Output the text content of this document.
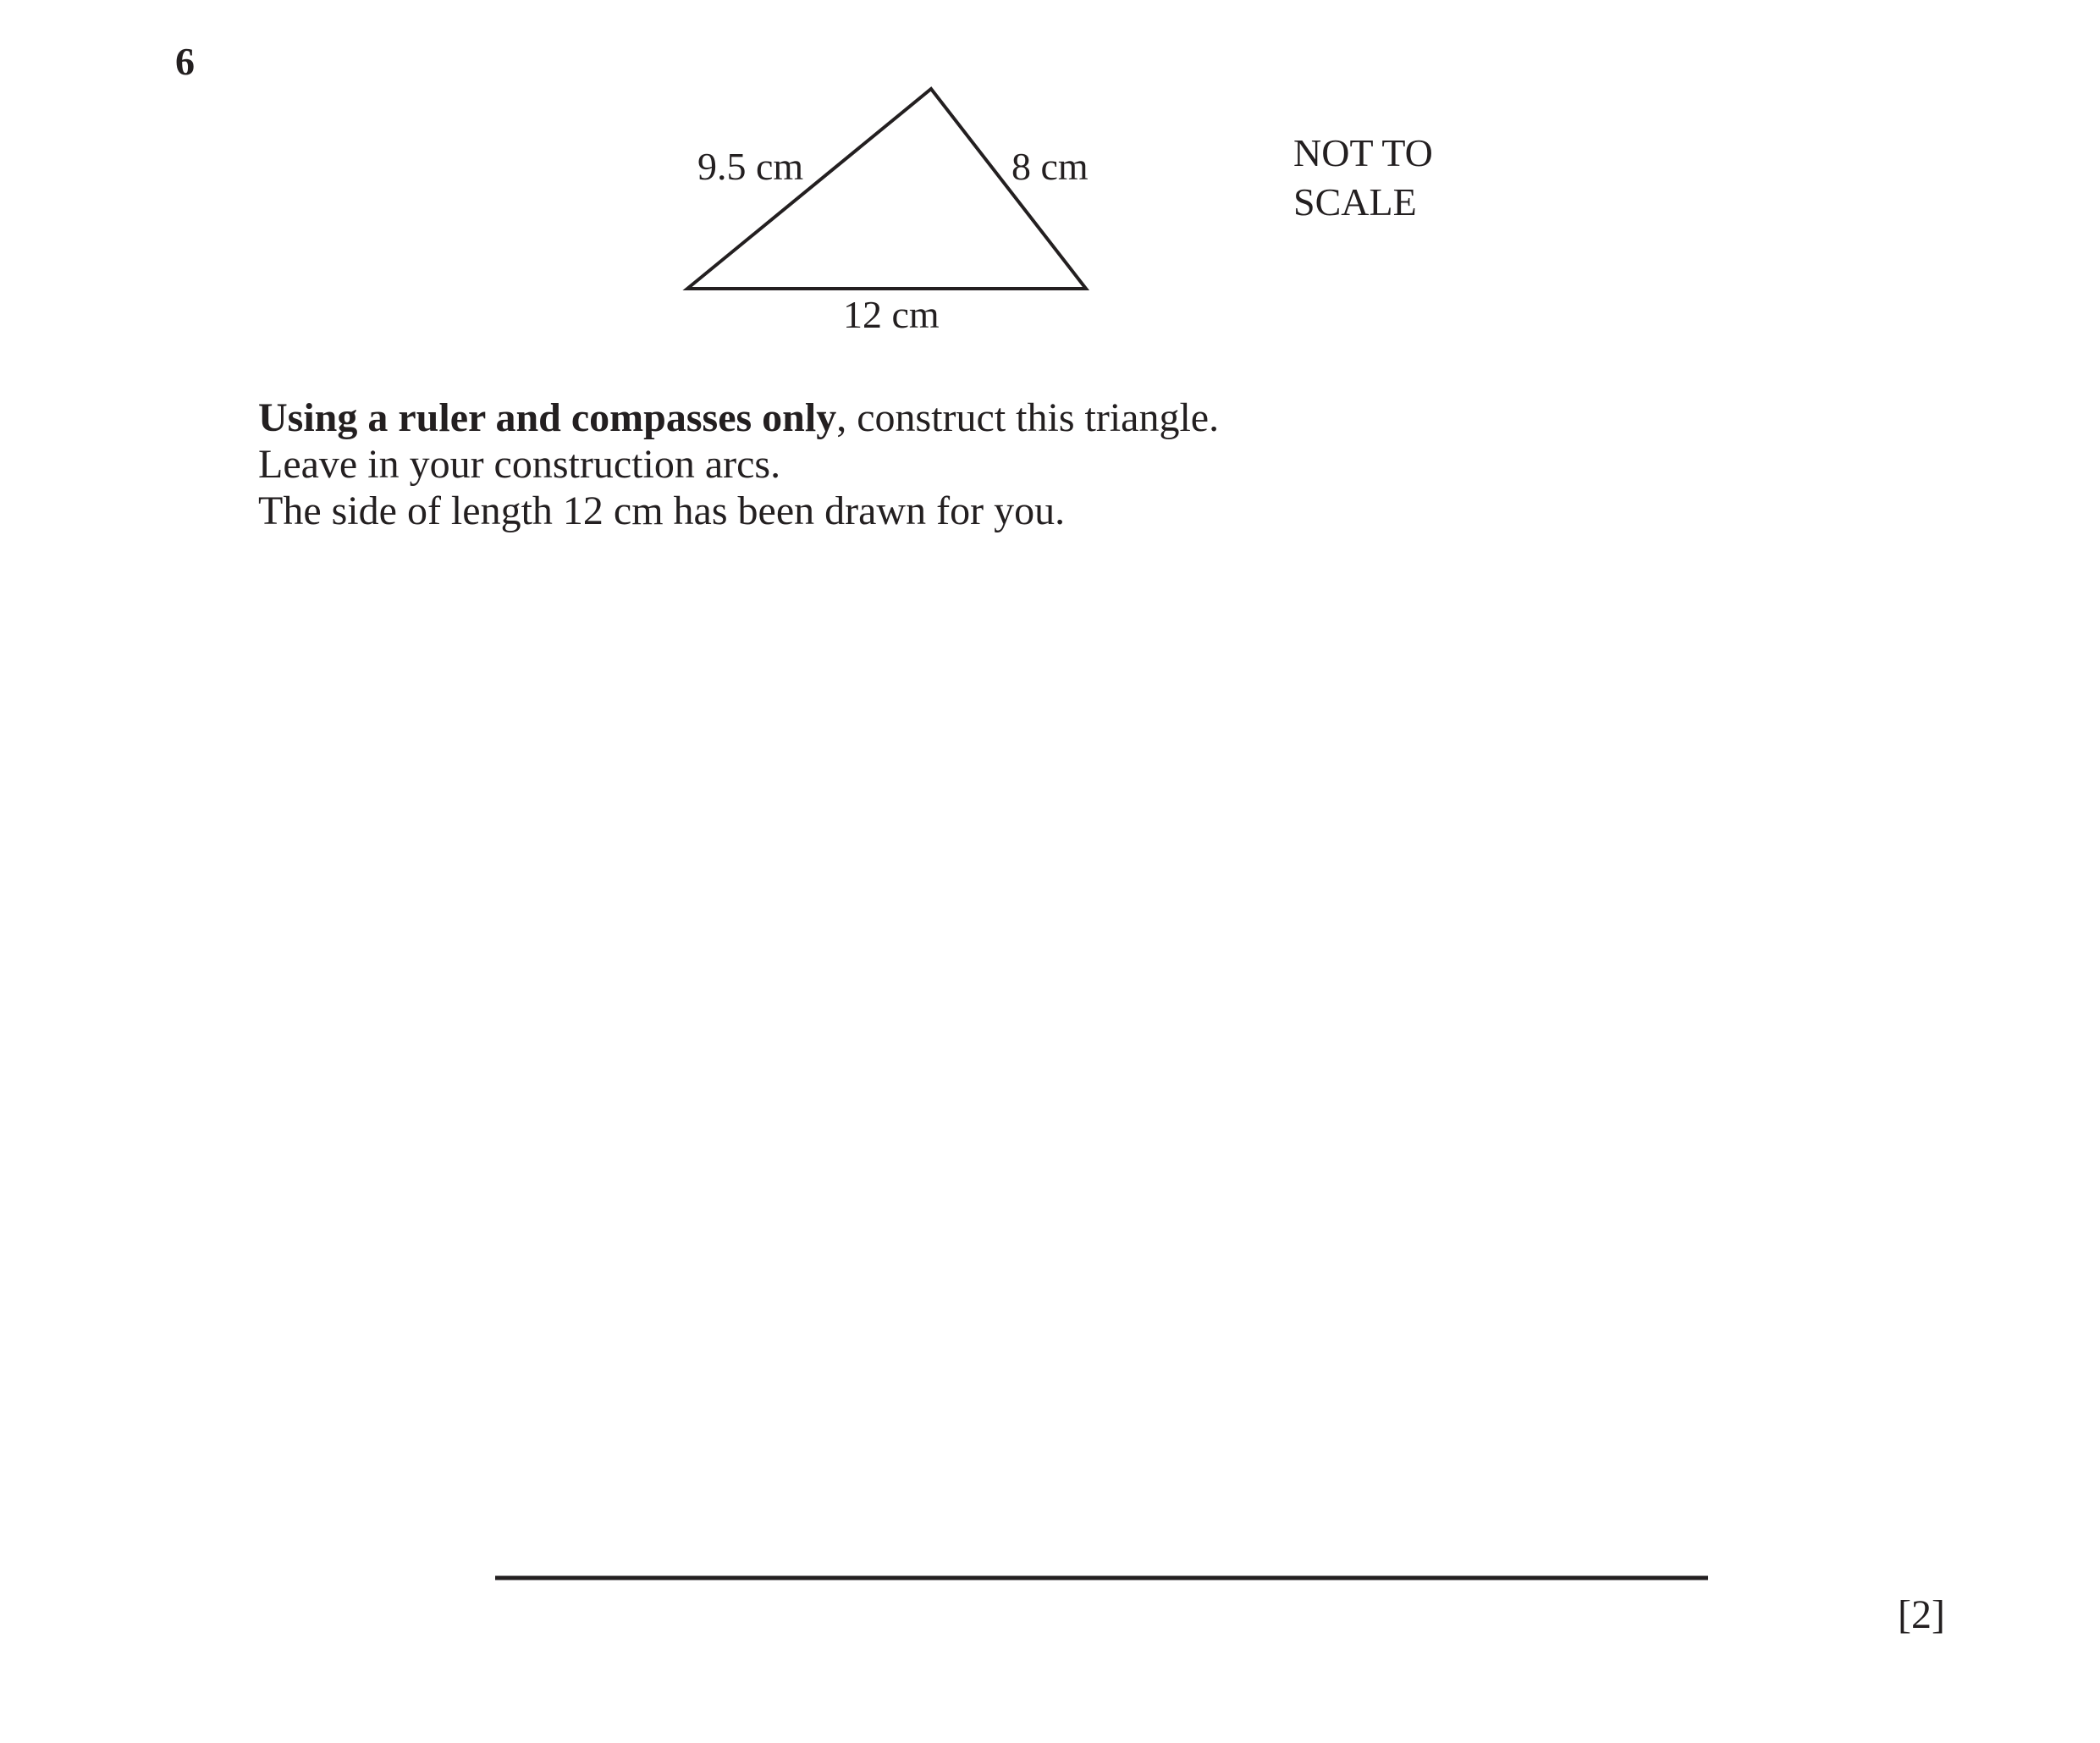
6
9.5 cm	8 cm
12 cm
NOT TO
SCALE

Using a ruler and compasses only, construct this triangle.

Leave in your construction arcs.

The side of length 12 cm has been drawn for you.

[2]
